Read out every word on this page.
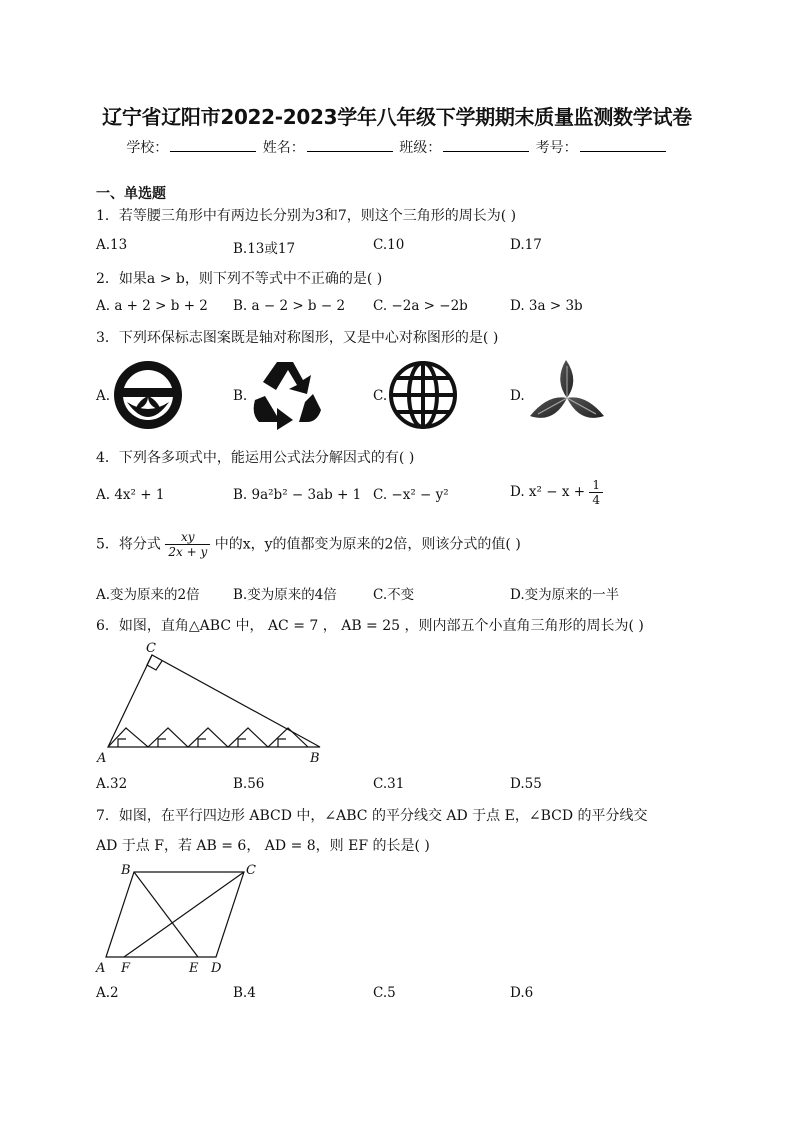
辽宁省辽阳市2022-2023学年八年级下学期期末质量监测数学试卷
学校：	姓名：	班级：	考号：
一、单选题
1．若等腰三角形中有两边长分别为3和7，则这个三角形的周长为( )
A.13	B.13或17	C.10	D.17
2．如果a > b，则下列不等式中不正确的是( )
A. a + 2 > b + 2 B. a − 2 > b − 2 C. −2a > −2b	D. 3a > 3b
3．下列环保标志图案既是轴对称图形，又是中心对称图形的是( )
A.	B.	C.	D.
4．下列各多项式中，能运用公式法分解因式的有( )
A. 4x² + 1	B. 9a²b² − 3ab + 1 C. −x² − y²	D. $x^2 - x + \frac{1}{4}$
5．将分式 $\frac{xy}{2x + y}$ 中的x，y的值都变为原来的2倍，则该分式的值( )
A.变为原来的2倍 B.变为原来的4倍	C.不变	D.变为原来的一半
6．如图，直角△ABC 中， AC = 7 ， AB = 25 ，则内部五个小直角三角形的周长为( )
C
A	B
A.32	B.56	C.31	D.55
7．如图，在平行四边形 ABCD 中，∠ABC 的平分线交 AD 于点 E，∠BCD 的平分线交
AD 于点 F，若 AB = 6， AD = 8，则 EF 的长是( )
B	C
A F	E D
A.2	B.4	C.5	D.6
